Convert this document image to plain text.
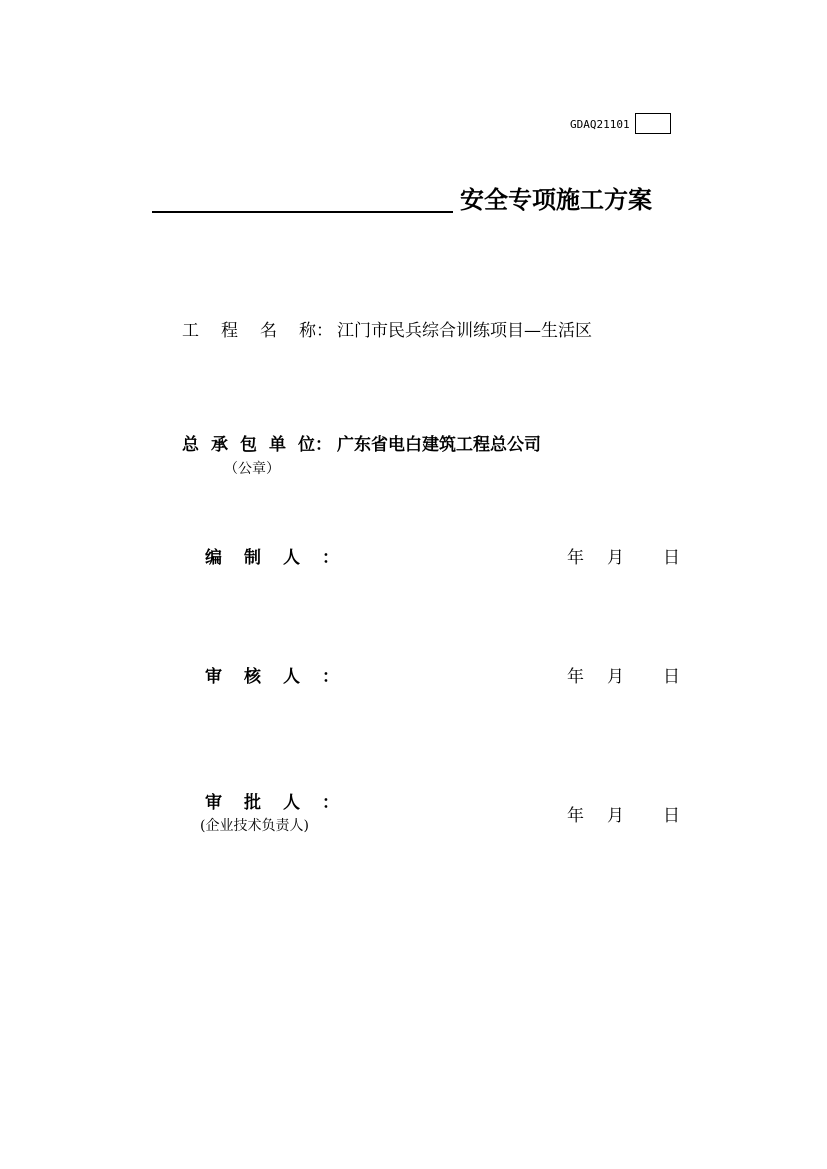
GDAQ21101
安全专项施工方案
工 程 名 称： 江门市民兵综合训练项目—生活区
总 承 包 单 位： 广东省电白建筑工程总公司
（公章）
编 制 人 ：	年 月 日
审 核 人 ：	年 月 日
审 批 人 ：
(企业技术负责人)	年 月 日
